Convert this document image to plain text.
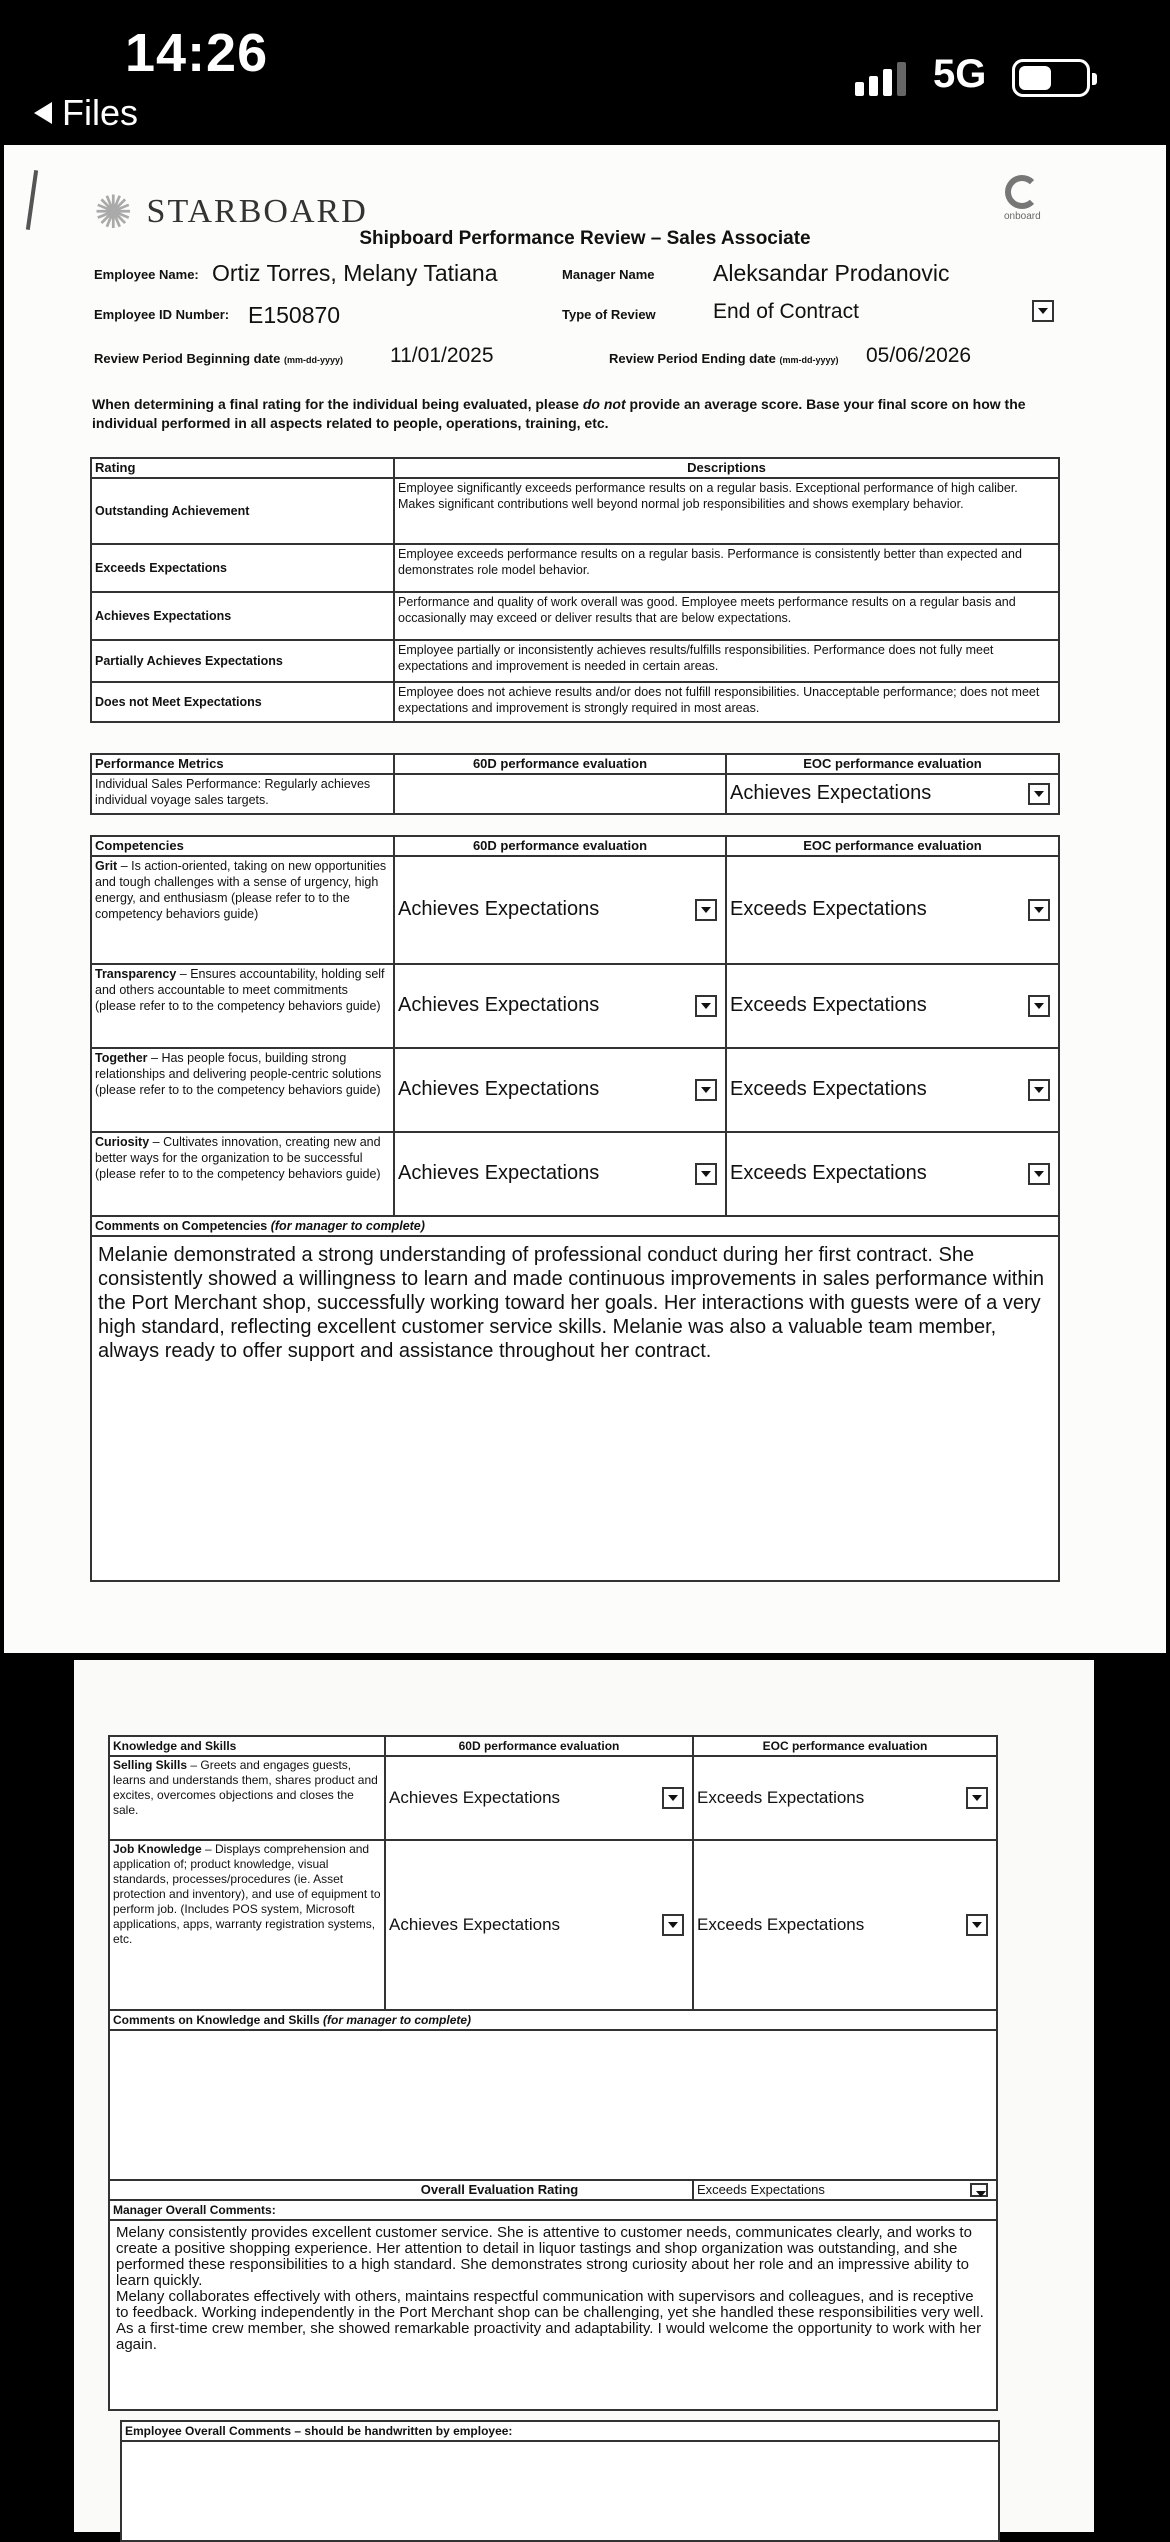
14:26
Files
5G
✺ STARBOARD	onboard
Shipboard Performance Review – Sales Associate
Employee Name: Ortiz Torres, Melany Tatiana	Manager Name	Aleksandar Prodanovic
Employee ID Number: E150870	Type of Review	End of Contract
Review Period Beginning date (mm-dd-yyyy) 11/01/2025	Review Period Ending date (mm-dd-yyyy) 05/06/2026
When determining a final rating for the individual being evaluated, please do not provide an average score. Base your final score on how the individual performed in all aspects related to people, operations, training, etc.
Rating	Descriptions
Outstanding Achievement	Employee significantly exceeds performance results on a regular basis. Exceptional performance of high caliber. Makes significant contributions well beyond normal job responsibilities and shows exemplary behavior.
Exceeds Expectations	Employee exceeds performance results on a regular basis. Performance is consistently better than expected and demonstrates role model behavior.
Achieves Expectations	Performance and quality of work overall was good. Employee meets performance results on a regular basis and occasionally may exceed or deliver results that are below expectations.
Partially Achieves Expectations	Employee partially or inconsistently achieves results/fulfills responsibilities. Performance does not fully meet expectations and improvement is needed in certain areas.
Does not Meet Expectations	Employee does not achieve results and/or does not fulfill responsibilities. Unacceptable performance; does not meet expectations and improvement is strongly required in most areas.
Performance Metrics	60D performance evaluation	EOC performance evaluation
Individual Sales Performance: Regularly achieves individual voyage sales targets.		Achieves Expectations
Competencies	60D performance evaluation	EOC performance evaluation
Grit – Is action-oriented, taking on new opportunities and tough challenges with a sense of urgency, high energy, and enthusiasm (please refer to to the competency behaviors guide)	Achieves Expectations	Exceeds Expectations

Transparency – Ensures accountability, holding self and others accountable to meet commitments (please refer to to the competency behaviors guide)	Achieves Expectations	Exceeds Expectations

Together – Has people focus, building strong relationships and delivering people-centric solutions (please refer to to the competency behaviors guide)	Achieves Expectations	Exceeds Expectations

Curiosity – Cultivates innovation, creating new and better ways for the organization to be successful (please refer to to the competency behaviors guide)	Achieves Expectations	Exceeds Expectations

Comments on Competencies (for manager to complete)		
Melanie demonstrated a strong understanding of professional conduct during her first contract. She consistently showed a willingness to learn and made continuous improvements in sales performance within the Port Merchant shop, successfully working toward her goals. Her interactions with guests were of a very high standard, reflecting excellent customer service skills. Melanie was also a valuable team member, always ready to offer support and assistance throughout her contract.		
Knowledge and Skills	60D performance evaluation	EOC performance evaluation
Selling Skills – Greets and engages guests, learns and understands them, shares product and excites, overcomes objections and closes the sale.	Achieves Expectations	Exceeds Expectations

Job Knowledge – Displays comprehension and application of; product knowledge, visual standards, processes/procedures (ie. Asset protection and inventory), and use of equipment to perform job. (Includes POS system, Microsoft applications, apps, warranty registration systems, etc.	Achieves Expectations	Exceeds Expectations

Comments on Knowledge and Skills (for manager to complete)		

Overall Evaluation Rating		Exceeds Expectations

Manager Overall Comments:		

Melany consistently provides excellent customer service. She is attentive to customer needs, communicates clearly, and works to create a positive shopping experience. Her attention to detail in liquor tastings and shop organization was outstanding, and she performed these responsibilities to a high standard. She demonstrates strong curiosity about her role and an impressive ability to learn quickly.
Melany collaborates effectively with others, maintains respectful communication with supervisors and colleagues, and is receptive to feedback. Working independently in the Port Merchant shop can be challenging, yet she handled these responsibilities very well. As a first-time crew member, she showed remarkable proactivity and adaptability. I would welcome the opportunity to work with her again.		
Employee Overall Comments – should be handwritten by employee:
